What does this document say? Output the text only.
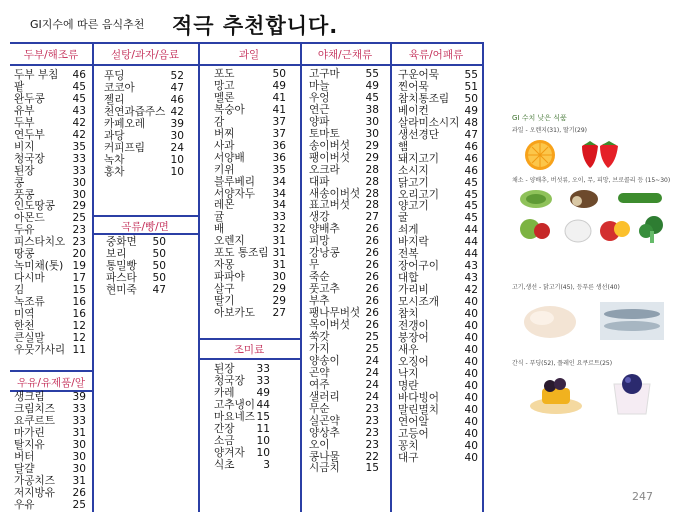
GI지수에 따른 음식추천 적극 추천합니다.
두부/해조류	설탕/과자/음료	과일	야채/근채류	육류/어패류
곡류/빵/면
우유/유제품/알
조미료
두부 부침 46
팥	45
완두콩	45
유부	43
두부	42
연두부	42
비지	35
청국장	33
된장	33
콩	30
풋콩	30
인도땅콩 29
아몬드	25
두유	23
피스타치오 23
땅콩	20
녹미채(톳) 19
다시마	17
김	15
녹조류	16
미역	16
한천	12
큰실말	12
우뭇가사리 11
생크림	39
크림치즈 33
요쿠르트 33
마가린	31
탈지유	30
버터	30
달걀	30
가공치즈 31
저지방유 26
우유	25
푸딩	52
코코아	47
젤리	46
천연과즙주스 42
카페오레 39
과당	30
커피프림 24
녹차	10
홍차	10
중화면 50
보리 50
통밀빵 50
파스타 50
현미죽 47
포도	50
망고	49
멜론	41
복숭아	41
감	37
버찌	37
사과	36
서양배	36
키위	35
블루베리 34
서양자두 34
레몬	34
귤	33
배	32
오렌지	31
포도 통조림 31
자몽	31
파파야	30
살구	29
딸기	29
아보카도 27
된장 33
청국장 33
카레 49
고추냉이 44
마요네즈 15
간장 11
소금 10
양겨자 10
식초	3
고구마 55
마늘	49
우엉	45
연근	38
양파	30
토마토 30
송이버섯 29
팽이버섯 29
오크라 28
대파	28
새송이버섯 28
표고버섯 28
생강	27
양배추 26
피망	26
강낭콩 26
무	26
죽순	26
풋고추 26
부추	26
팽나무버섯 26
목이버섯 26
쑥갓	25
가지	25
양송이 24
곤약	24
여주	24
샐러리 24
무순	23
실곤약 23
양상추 23
오이	23
콩나물 22
시금치 15
구운어묵 55
찐어묵	51
참치통조림 50
베이컨	49
살라미소시지 48
생선경단 47
햄	46
돼지고기 46
소시지	46
닭고기	45
오리고기 45
양고기	45
굴	45
쇠게	44
바지락	44
전복	44
장어구이 43
대합	43
가리비	42
모시조개 40
참치	40
전갱이	40
붕장어	40
새우	40
오징어	40
낙지	40
명란	40
바다빙어 40
말린멸치 40
연어알	40
고등어	40
꽁치	40
대구	40
GI 수치 낮은 식품
과일 - 오렌지(31), 딸기(29)
채소 - 양배추, 버섯류, 오이, 무, 피망, 브로콜리 등 (15~30)
고기,생선 - 닭고기(45), 등푸른 생선(40)
간식 - 푸딩(52), 플레인 요쿠르트(25)
247
